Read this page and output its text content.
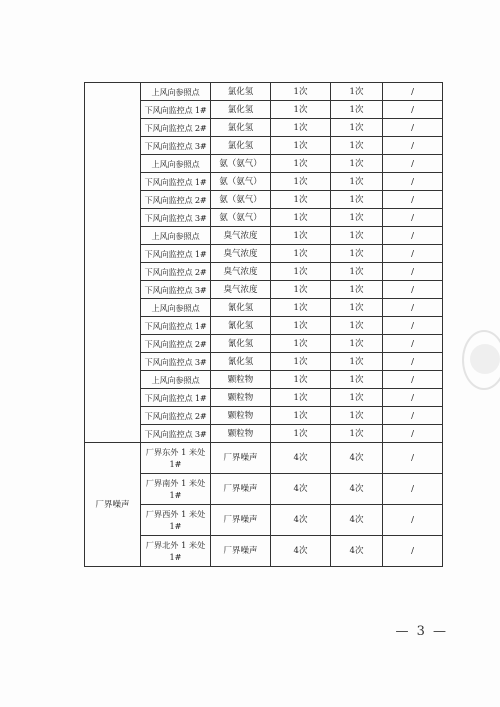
	上风向参照点	氯化氢	1次	1次	/
	下风向监控点 1#	氯化氢	1次	1次	/
	下风向监控点 2#	氯化氢	1次	1次	/
	下风向监控点 3#	氯化氢	1次	1次	/
	上风向参照点	氨（氨气）	1次	1次	/
	下风向监控点 1#	氨（氨气）	1次	1次	/
	下风向监控点 2#	氨（氨气）	1次	1次	/
	下风向监控点 3#	氨（氨气）	1次	1次	/
	上风向参照点	臭气浓度	1次	1次	/
	下风向监控点 1#	臭气浓度	1次	1次	/
	下风向监控点 2#	臭气浓度	1次	1次	/
	下风向监控点 3#	臭气浓度	1次	1次	/
	上风向参照点	氰化氢	1次	1次	/
	下风向监控点 1#	氰化氢	1次	1次	/
	下风向监控点 2#	氰化氢	1次	1次	/
	下风向监控点 3#	氰化氢	1次	1次	/
	上风向参照点	颗粒物	1次	1次	/
	下风向监控点 1#	颗粒物	1次	1次	/
	下风向监控点 2#	颗粒物	1次	1次	/
	下风向监控点 3#	颗粒物	1次	1次	/
厂界噪声	厂界东外 1 米处 1#	厂界噪声	4次	4次	/
	厂界南外 1 米处 1#	厂界噪声	4次	4次	/
	厂界西外 1 米处 1#	厂界噪声	4次	4次	/
	厂界北外 1 米处 1#	厂界噪声	4次	4次	/
— 3 —
